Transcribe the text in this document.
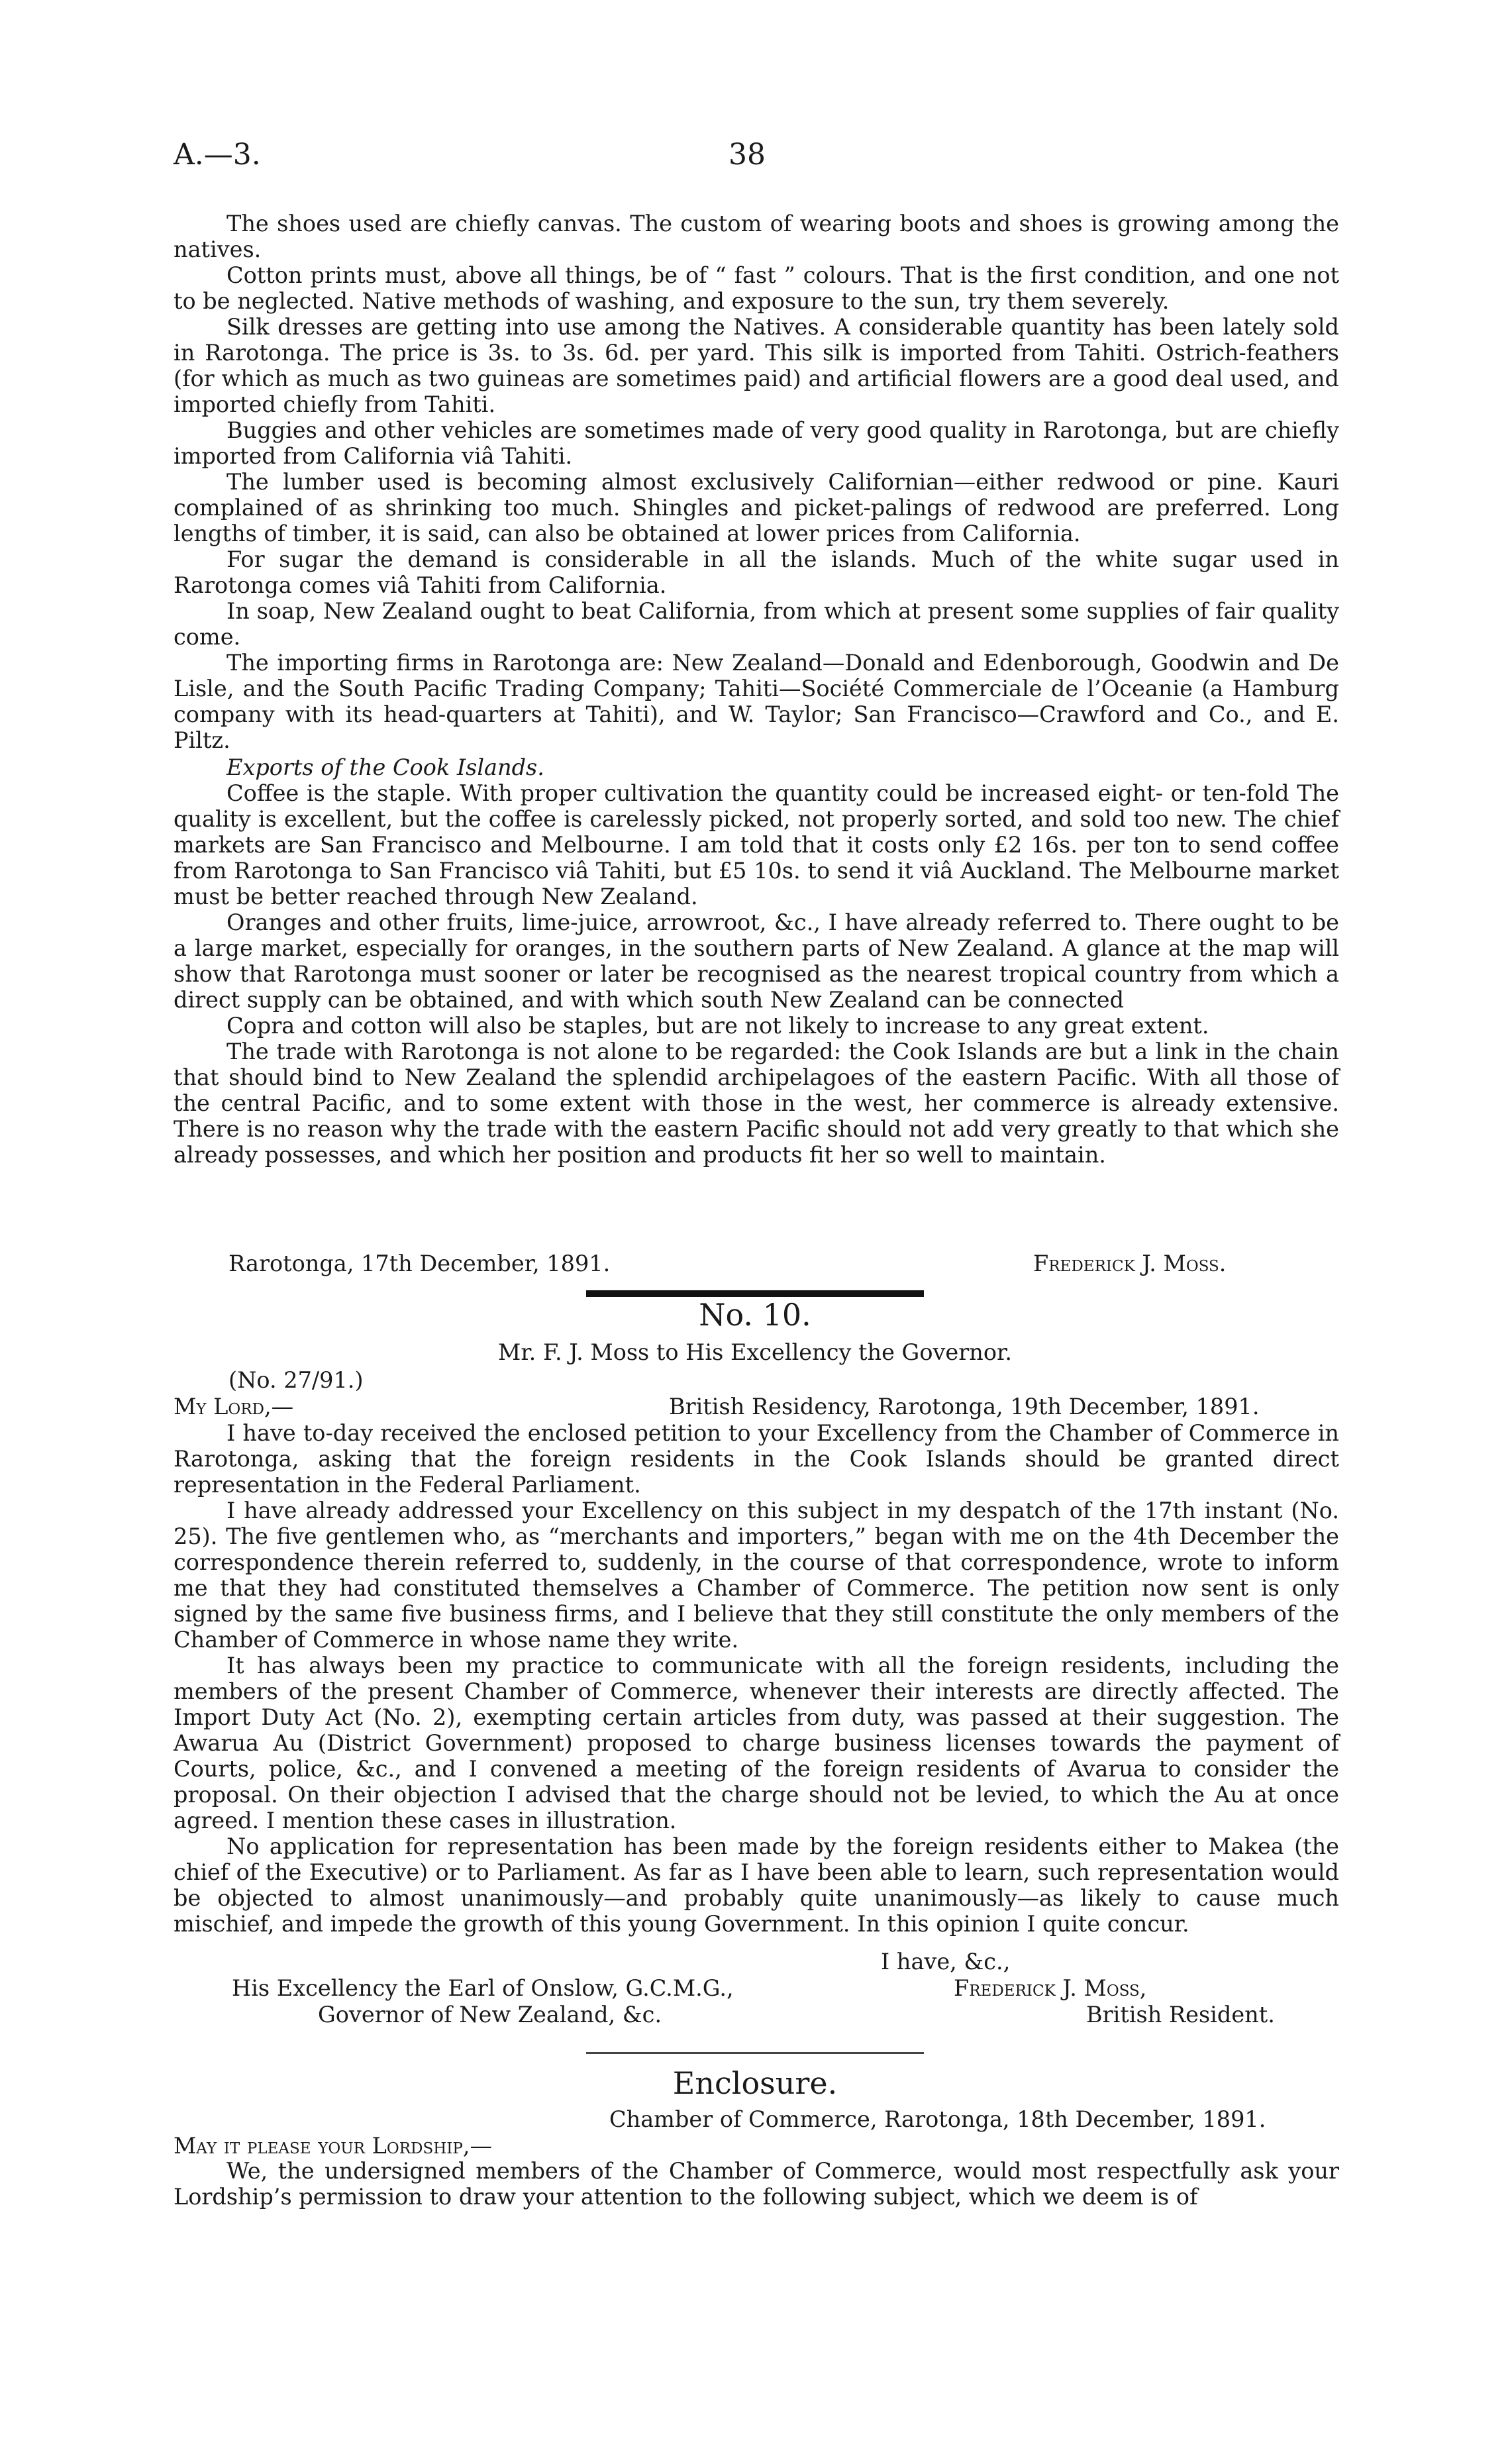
A.—3.	38

The shoes used are chiefly canvas. The custom of wearing boots and shoes is growing among the natives.

Cotton prints must, above all things, be of “ fast ” colours. That is the first condition, and one not to be neglected. Native methods of washing, and exposure to the sun, try them severely.

Silk dresses are getting into use among the Natives. A considerable quantity has been lately sold in Rarotonga. The price is 3s. to 3s. 6d. per yard. This silk is imported from Tahiti. Ostrich-feathers (for which as much as two guineas are sometimes paid) and artificial flowers are a good deal used, and imported chiefly from Tahiti.

Buggies and other vehicles are sometimes made of very good quality in Rarotonga, but are chiefly imported from California viâ Tahiti.

The lumber used is becoming almost exclusively Californian—either redwood or pine. Kauri complained of as shrinking too much. Shingles and picket-palings of redwood are preferred. Long lengths of timber, it is said, can also be obtained at lower prices from California.

For sugar the demand is considerable in all the islands. Much of the white sugar used in Rarotonga comes viâ Tahiti from California.

In soap, New Zealand ought to beat California, from which at present some supplies of fair quality come.

The importing firms in Rarotonga are: New Zealand—Donald and Edenborough, Goodwin and De Lisle, and the South Pacific Trading Company; Tahiti—Société Commerciale de l’Oceanie (a Hamburg company with its head-quarters at Tahiti), and W. Taylor; San Francisco—Crawford and Co., and E. Piltz.

Exports of the Cook Islands.

Coffee is the staple. With proper cultivation the quantity could be increased eight- or ten-fold The quality is excellent, but the coffee is carelessly picked, not properly sorted, and sold too new. The chief markets are San Francisco and Melbourne. I am told that it costs only £2 16s. per ton to send coffee from Rarotonga to San Francisco viâ Tahiti, but £5 10s. to send it viâ Auckland. The Melbourne market must be better reached through New Zealand.

Oranges and other fruits, lime-juice, arrowroot, &c., I have already referred to. There ought to be a large market, especially for oranges, in the southern parts of New Zealand. A glance at the map will show that Rarotonga must sooner or later be recognised as the nearest tropical country from which a direct supply can be obtained, and with which south New Zealand can be connected

Copra and cotton will also be staples, but are not likely to increase to any great extent.

The trade with Rarotonga is not alone to be regarded: the Cook Islands are but a link in the chain that should bind to New Zealand the splendid archipelagoes of the eastern Pacific. With all those of the central Pacific, and to some extent with those in the west, her commerce is already extensive. There is no reason why the trade with the eastern Pacific should not add very greatly to that which she already possesses, and which her position and products fit her so well to maintain.

Rarotonga, 17th December, 1891.	Frederick J. Moss.
No. 10.
Mr. F. J. Moss to His Excellency the Governor.
(No. 27/91.)
My Lord,—	British Residency, Rarotonga, 19th December, 1891.

I have to-day received the enclosed petition to your Excellency from the Chamber of Commerce in Rarotonga, asking that the foreign residents in the Cook Islands should be granted direct representation in the Federal Parliament.

I have already addressed your Excellency on this subject in my despatch of the 17th instant (No. 25). The five gentlemen who, as “merchants and importers,” began with me on the 4th December the correspondence therein referred to, suddenly, in the course of that correspondence, wrote to inform me that they had constituted themselves a Chamber of Commerce. The petition now sent is only signed by the same five business firms, and I believe that they still constitute the only members of the Chamber of Commerce in whose name they write.

It has always been my practice to communicate with all the foreign residents, including the members of the present Chamber of Commerce, whenever their interests are directly affected. The Import Duty Act (No. 2), exempting certain articles from duty, was passed at their suggestion. The Awarua Au (District Government) proposed to charge business licenses towards the payment of Courts, police, &c., and I convened a meeting of the foreign residents of Avarua to consider the proposal. On their objection I advised that the charge should not be levied, to which the Au at once agreed. I mention these cases in illustration.

No application for representation has been made by the foreign residents either to Makea (the chief of the Executive) or to Parliament. As far as I have been able to learn, such representation would be objected to almost unanimously—and probably quite unanimously—as likely to cause much mischief, and impede the growth of this young Government. In this opinion I quite concur.

I have, &c.,
His Excellency the Earl of Onslow, G.C.M.G.,	Frederick J. Moss,
Governor of New Zealand, &c.	British Resident.
Enclosure.
Chamber of Commerce, Rarotonga, 18th December, 1891.
May it please your Lordship,—

We, the undersigned members of the Chamber of Commerce, would most respectfully ask your Lordship’s permission to draw your attention to the following subject, which we deem is of
